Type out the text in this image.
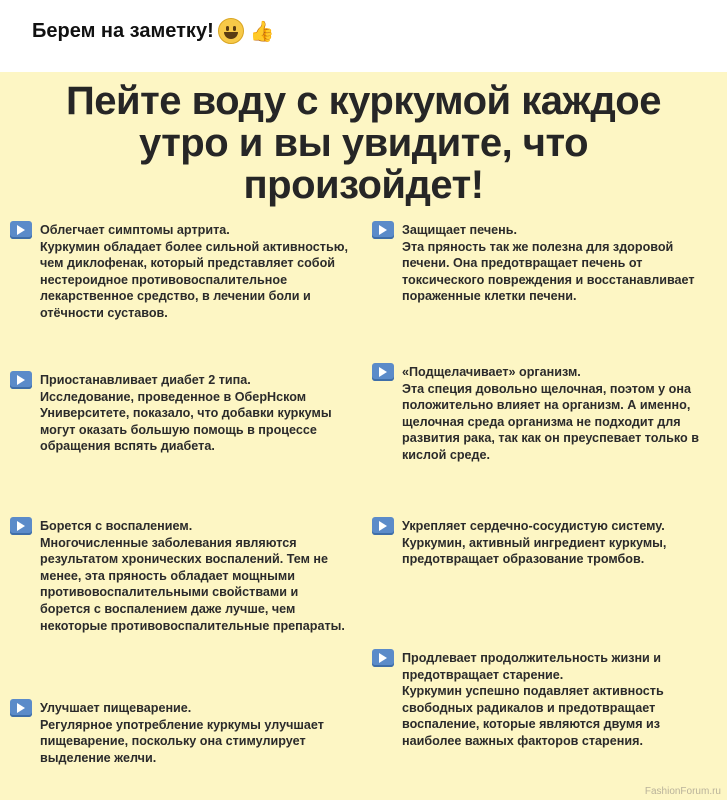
Берем на заметку! 👍
Пейте воду с куркумой каждое
утро и вы увидите, что
произойдет!
Облегчает симптомы артрита.
Куркумин обладает более сильной активностью, чем диклофенак, который представляет собой нестероидное противовоспалительное лекарственное средство, в лечении боли и отёчности суставов.
Приостанавливает диабет 2 типа.
Исследование, проведенное в ОберНском Университете, показало, что добавки куркумы могут оказать большую помощь в процессе обращения вспять диабета.
Борется с воспалением.
Многочисленные заболевания являются результатом хронических воспалений. Тем не менее, эта пряность обладает мощными противовоспалительными свойствами и борется с воспалением даже лучше, чем некоторые противовоспалительные препараты.
Улучшает пищеварение.
Регулярное употребление куркумы улучшает пищеварение, поскольку она стимулирует выделение желчи.
Защищает печень.
Эта пряность так же полезна для здоровой печени. Она предотвращает печень от токсического повреждения и восстанавливает пораженные клетки печени.
«Подщелачивает» организм.
Эта специя довольно щелочная, поэтом у она положительно влияет на организм. А именно, щелочная среда организма не подходит для развития рака, так как он преуспевает только в кислой среде.
Укрепляет сердечно-сосудистую систему.
Куркумин, активный ингредиент куркумы, предотвращает образование тромбов.
Продлевает продолжительность жизни и предотвращает старение.
Куркумин успешно подавляет активность свободных радикалов и предотвращает воспаление, которые являются двумя из наиболее важных факторов старения.
FashionForum.ru
